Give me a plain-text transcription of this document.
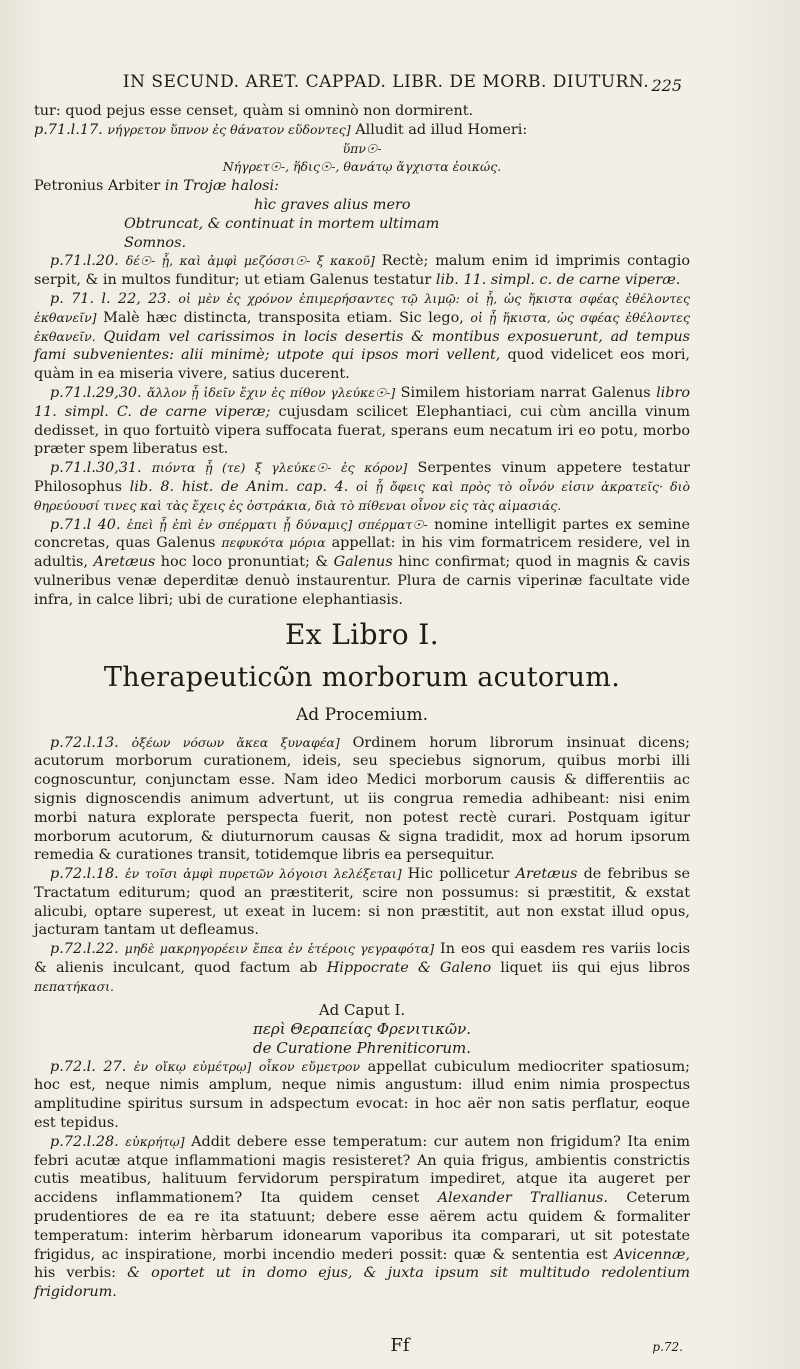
IN SECUND. ARET. CAPPAD. LIBR. DE MORB. DIUTURN. 225

tur: quod pejus esse censet, quàm si omninò non dormirent.

p.71.l.17. νήγρετον ὕπνον ἐς θάνατον εὕδοντες] Alludit ad illud Homeri:

ὕπν☉-

Νήγρετ☉-, ἥδις☉-, θανάτῳ ἄγχιστα ἐοικώς.

Petronius Arbiter in Trojæ halosi:

hìc graves alius mero

Obtruncat, & continuat in mortem ultimam

Somnos.

p.71.l.20. δέ☉- ᾗ, καὶ ἀμφὶ μεζόσσι☉- ξ κακοῦ] Rectè; malum enim id imprimis contagio serpit, & in multos funditur; ut etiam Galenus testatur lib. 11. simpl. c. de carne viperæ.

p. 71. l. 22, 23. οἱ μὲν ἐς χρόνον ἐπιμερήσαντες τῷ λιμῷ: οἱ ᾗ, ὡς ἥκιστα σφέας ἐθέλοντες ἐκθανεῖν] Malè hæc distincta, transposita etiam. Sic lego, οἱ ᾗ ἥκιστα, ὡς σφέας ἐθέλοντες ἐκθανεῖν. Quidam vel carissimos in locis desertis & montibus exposuerunt, ad tempus fami subvenientes: alii minimè; utpote qui ipsos mori vellent, quod videlicet eos mori, quàm in ea miseria vivere, satius ducerent.

p.71.l.29,30. ἄλλον ᾗ ἰδεῖν ἔχιν ἐς πίθον γλεύκε☉-] Similem historiam narrat Galenus libro 11. simpl. C. de carne viperæ; cujusdam scilicet Elephantiaci, cui cùm ancilla vinum dedisset, in quo fortuitò vipera suffocata fuerat, sperans eum necatum iri eo potu, morbo præter spem liberatus est.

p.71.l.30,31. πιόντα ᾗ (τε) ξ γλεύκε☉- ἐς κόρον] Serpentes vinum appetere testatur Philosophus lib. 8. hist. de Anim. cap. 4. οἱ ᾗ ὄφεις καὶ πρὸς τὸ οἶνόν εἰσιν ἀκρατεῖς· διὸ θηρεύουσί τινες καὶ τὰς ἔχεις ἐς ὀστράκια, διὰ τὸ πίθεναι οἶνον εἰς τὰς αἱμασιάς.

p.71.l 40. ἐπεὶ ᾗ ἐπὶ ἐν σπέρματι ᾗ δύναμις] σπέρματ☉- nomine intelligit partes ex semine concretas, quas Galenus πεφυκότα μόρια appellat: in his vim formatricem residere, vel in adultis, Aretæus hoc loco pronuntiat; & Galenus hinc confirmat; quod in magnis & cavis vulneribus venæ deperditæ denuò instaurentur. Plura de carnis viperinæ facultate vide infra, in calce libri; ubi de curatione elephantiasis.

Ex Libro I.
Therapeuticῶn morborum acutorum.
Ad Procemium.

p.72.l.13. ὀξέων νόσων ἄκεα ξυναφέα] Ordinem horum librorum insinuat dicens; acutorum morborum curationem, ideis, seu speciebus signorum, quibus morbi illi cognoscuntur, conjunctam esse. Nam ideo Medici morborum causis & differentiis ac signis dignoscendis animum advertunt, ut iis congrua remedia adhibeant: nisi enim morbi natura explorate perspecta fuerit, non potest rectè curari. Postquam igitur morborum acutorum, & diuturnorum causas & signa tradidit, mox ad horum ipsorum remedia & curationes transit, totidemque libris ea persequitur.

p.72.l.18. ἐν τοῖσι ἀμφὶ πυρετῶν λόγοισι λελέξεται] Hic pollicetur Aretæus de febribus se Tractatum editurum; quod an præstiterit, scire non possumus: si præstitit, & exstat alicubi, optare superest, ut exeat in lucem: si non præstitit, aut non exstat illud opus, jacturam tantam ut defleamus.

p.72.l.22. μηδὲ μακρηγορέειν ἔπεα ἐν ἑτέροις γεγραφότα] In eos qui easdem res variis locis & alienis inculcant, quod factum ab Hippocrate & Galeno liquet iis qui ejus libros πεπατήκασι.

Ad Caput I.
περὶ Θεραπείας Φρενιτικῶν.
de Curatione Phreniticorum.

p.72.l. 27. ἐν οἴκῳ εὐμέτρῳ] οἶκον εὔμετρον appellat cubiculum mediocriter spatiosum; hoc est, neque nimis amplum, neque nimis angustum: illud enim nimia prospectus amplitudine spiritus sursum in adspectum evocat: in hoc aër non satis perflatur, eoque est tepidus.

p.72.l.28. εὐκρήτῳ] Addit debere esse temperatum: cur autem non frigidum? Ita enim febri acutæ atque inflammationi magis resisteret? An quia frigus, ambientis constrictis cutis meatibus, halituum fervidorum perspiratum impediret, atque ita augeret per accidens inflammationem? Ita quidem censet Alexander Trallianus. Ceterum prudentiores de ea re ita statuunt; debere esse aërem actu quidem & formaliter temperatum: interim hèrbarum idonearum vaporibus ita comparari, ut sit potestate frigidus, ac inspiratione, morbi incendio mederi possit: quæ & sententia est Avicennæ, his verbis: & oportet ut in domo ejus, & juxta ipsum sit multitudo redolentium frigidorum.

Ff	p.72.
